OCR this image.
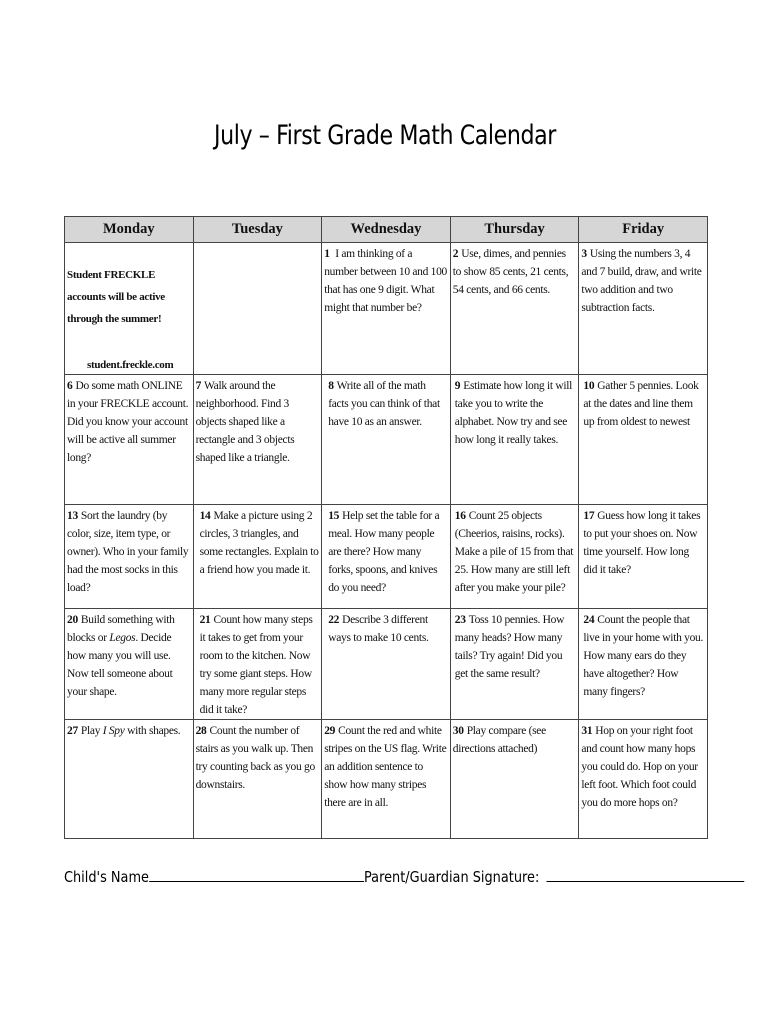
July – First Grade Math Calendar
Monday	Tuesday	Wednesday	Thursday	Friday

Student FRECKLE accounts will be active through the summer!
student.freckle.com		1 I am thinking of a number between 10 and 100 that has one 9 digit. What might that number be?	2 Use, dimes, and pennies to show 85 cents, 21 cents, 54 cents, and 66 cents.	3 Using the numbers 3, 4 and 7 build, draw, and write two addition and two subtraction facts.
6 Do some math ONLINE in your FRECKLE account. Did you know your account will be active all summer long?	7 Walk around the neighborhood. Find 3 objects shaped like a rectangle and 3 objects shaped like a triangle.	8 Write all of the math facts you can think of that have 10 as an answer.	9 Estimate how long it will take you to write the alphabet. Now try and see how long it really takes.	10 Gather 5 pennies. Look at the dates and line them up from oldest to newest
13 Sort the laundry (by color, size, item type, or owner). Who in your family had the most socks in this load?	14 Make a picture using 2 circles, 3 triangles, and some rectangles. Explain to a friend how you made it.	15 Help set the table for a meal. How many people are there? How many forks, spoons, and knives do you need?	16 Count 25 objects (Cheerios, raisins, rocks). Make a pile of 15 from that 25. How many are still left after you make your pile?	17 Guess how long it takes to put your shoes on. Now time yourself. How long did it take?
20 Build something with blocks or Legos. Decide how many you will use. Now tell someone about your shape.	21 Count how many steps it takes to get from your room to the kitchen. Now try some giant steps. How many more regular steps did it take?	22 Describe 3 different ways to make 10 cents.	23 Toss 10 pennies. How many heads? How many tails? Try again! Did you get the same result?	24 Count the people that live in your home with you. How many ears do they have altogether? How many fingers?
27 Play I Spy with shapes.	28 Count the number of stairs as you walk up. Then try counting back as you go downstairs.	29 Count the red and white stripes on the US flag. Write an addition sentence to show how many stripes there are in all.	30 Play compare (see directions attached)	31 Hop on your right foot and count how many hops you could do. Hop on your left foot. Which foot could you do more hops on?
Child's Name	Parent/Guardian Signature:
